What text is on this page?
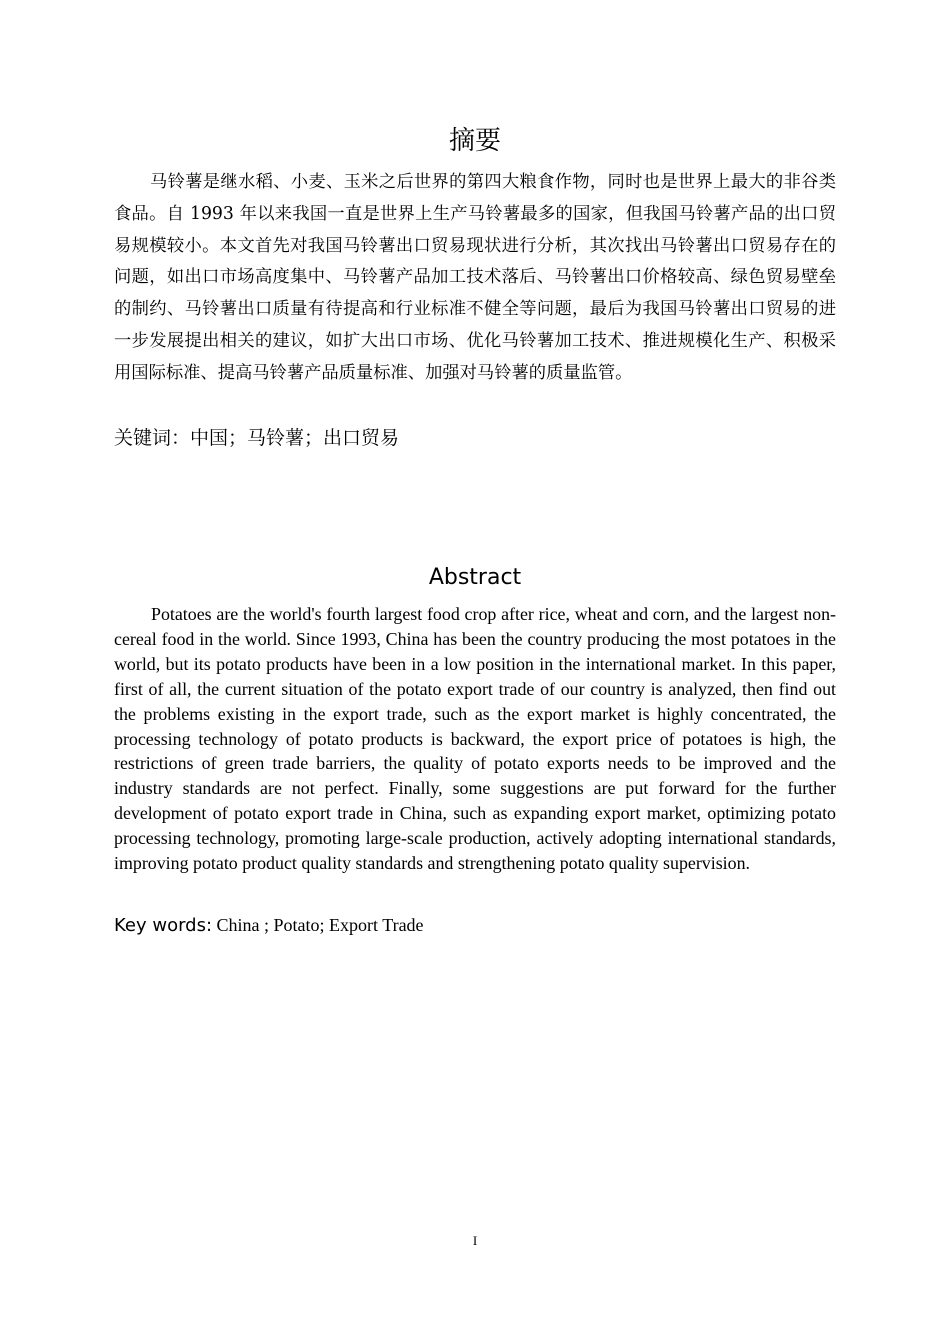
摘要

马铃薯是继水稻、小麦、玉米之后世界的第四大粮食作物，同时也是世界上最大的非谷类食品。自 1993 年以来我国一直是世界上生产马铃薯最多的国家，但我国马铃薯产品的出口贸易规模较小。本文首先对我国马铃薯出口贸易现状进行分析，其次找出马铃薯出口贸易存在的问题，如出口市场高度集中、马铃薯产品加工技术落后、马铃薯出口价格较高、绿色贸易壁垒的制约、马铃薯出口质量有待提高和行业标准不健全等问题，最后为我国马铃薯出口贸易的进一步发展提出相关的建议，如扩大出口市场、优化马铃薯加工技术、推进规模化生产、积极采用国际标准、提高马铃薯产品质量标准、加强对马铃薯的质量监管。

关键词：中国；马铃薯；出口贸易
Abstract

Potatoes are the world's fourth largest food crop after rice, wheat and corn, and the largest non-cereal food in the world. Since 1993, China has been the country producing the most potatoes in the world, but its potato products have been in a low position in the international market. In this paper, first of all, the current situation of the potato export trade of our country is analyzed, then find out the problems existing in the export trade, such as the export market is highly concentrated, the processing technology of potato products is backward, the export price of potatoes is high, the restrictions of green trade barriers, the quality of potato exports needs to be improved and the industry standards are not perfect. Finally, some suggestions are put forward for the further development of potato export trade in China, such as expanding export market, optimizing potato processing technology, promoting large-scale production, actively adopting international standards, improving potato product quality standards and strengthening potato quality supervision.

Key words: China ; Potato; Export Trade
I
